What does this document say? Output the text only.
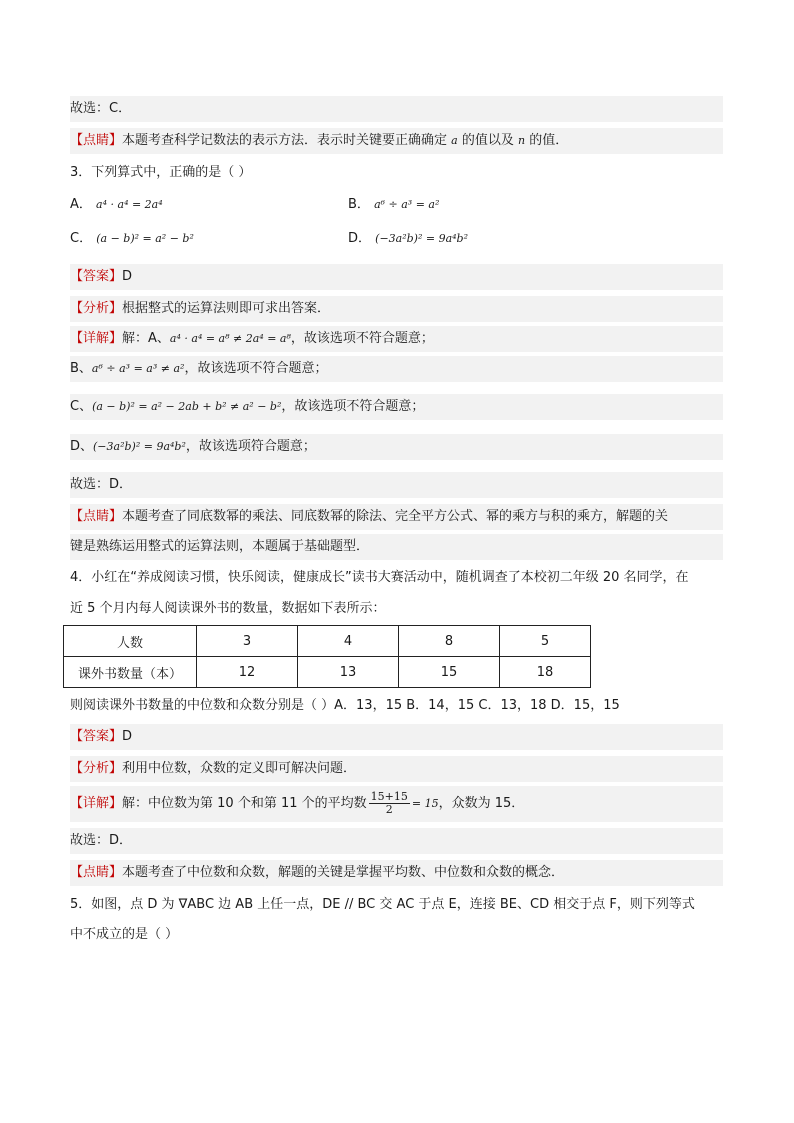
故选：C．
【点睛】本题考查科学记数法的表示方法．表示时关键要正确确定 a 的值以及 n 的值．
3．下列算式中，正确的是（ ）
A． a⁴ · a⁴ = 2a⁴	B． a⁶ ÷ a³ = a²
C． (a − b)² = a² − b²	D． (−3a²b)² = 9a⁴b²
【答案】D
【分析】根据整式的运算法则即可求出答案．
【详解】解：A、a⁴ · a⁴ = a⁸ ≠ 2a⁴ = a⁸，故该选项不符合题意；
B、a⁶ ÷ a³ = a³ ≠ a²，故该选项不符合题意；
C、(a − b)² = a² − 2ab + b² ≠ a² − b²，故该选项不符合题意；
D、(−3a²b)² = 9a⁴b²，故该选项符合题意；
故选：D．
【点睛】本题考查了同底数幂的乘法、同底数幂的除法、完全平方公式、幂的乘方与积的乘方，解题的关
键是熟练运用整式的运算法则，本题属于基础题型．
4．小红在“养成阅读习惯，快乐阅读，健康成长”读书大赛活动中，随机调查了本校初二年级 20 名同学，在
近 5 个月内每人阅读课外书的数量，数据如下表所示：
人数	3	4	8	5
课外书数量（本）	12	13	15	18
则阅读课外书数量的中位数和众数分别是（ ）A．13，15 B．14，15 C．13，18 D．15，15
【答案】D
【分析】利用中位数，众数的定义即可解决问题．
【详解】解：中位数为第 10 个和第 11 个的平均数 $\frac{15+15}{2} = 15$，众数为 15．
故选：D．
【点睛】本题考查了中位数和众数，解题的关键是掌握平均数、中位数和众数的概念．
5．如图，点 D 为 ∇ABC 边 AB 上任一点，DE // BC 交 AC 于点 E，连接 BE、CD 相交于点 F，则下列等式
中不成立的是（ ）
